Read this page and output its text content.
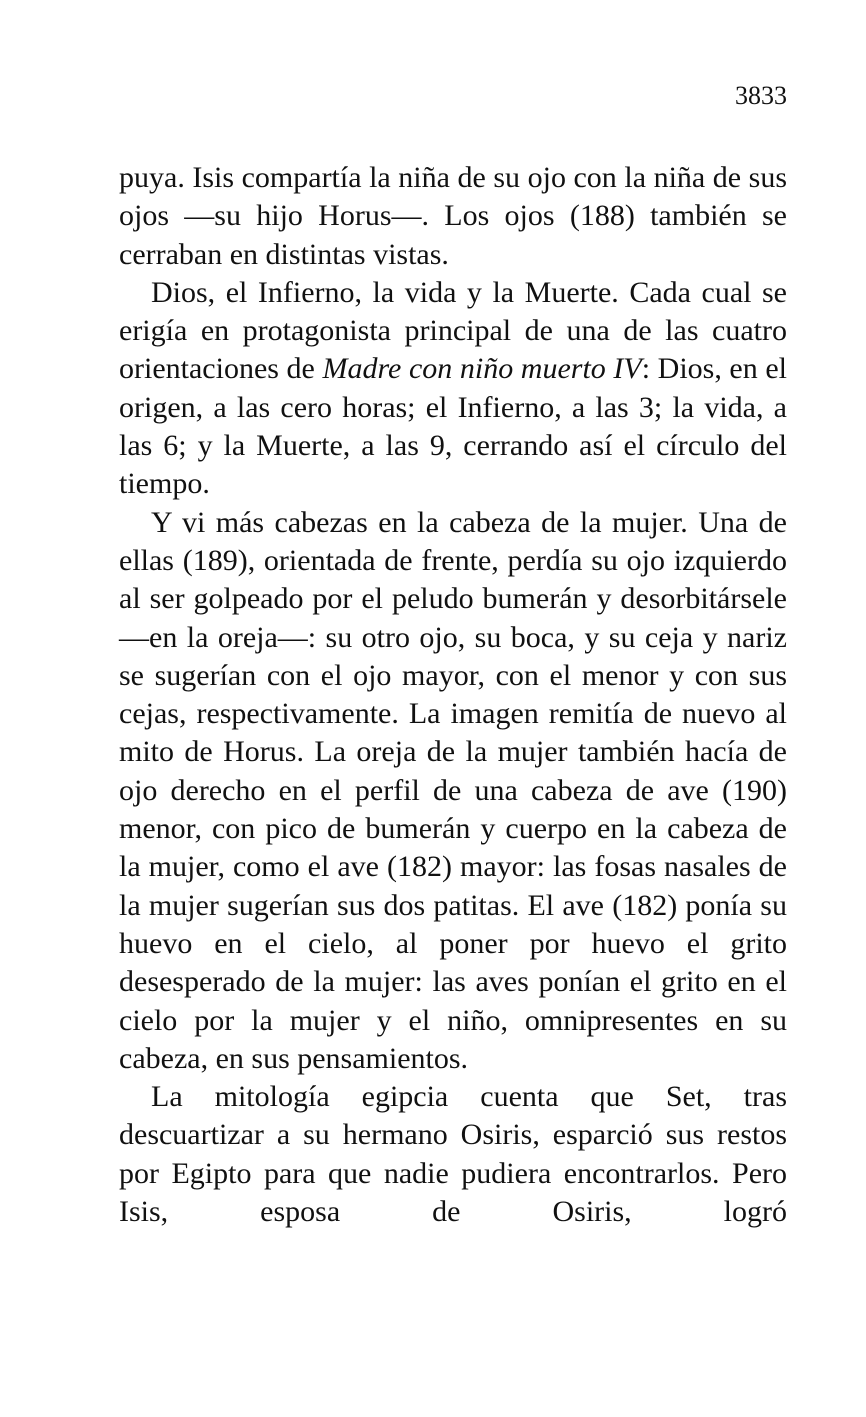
3833

puya. Isis compartía la niña de su ojo con la niña de sus ojos —su hijo Horus—. Los ojos (188) también se cerraban en distintas vistas.

Dios, el Infierno, la vida y la Muerte. Cada cual se erigía en protagonista principal de una de las cuatro orientaciones de Madre con niño muerto IV: Dios, en el origen, a las cero horas; el Infierno, a las 3; la vida, a las 6; y la Muerte, a las 9, cerrando así el círculo del tiempo.

Y vi más cabezas en la cabeza de la mujer. Una de ellas (189), orientada de frente, perdía su ojo izquierdo al ser golpeado por el peludo bumerán y desorbitársele —en la oreja—: su otro ojo, su boca, y su ceja y nariz se sugerían con el ojo mayor, con el menor y con sus cejas, respectivamente. La imagen remitía de nuevo al mito de Horus. La oreja de la mujer también hacía de ojo derecho en el perfil de una cabeza de ave (190) menor, con pico de bumerán y cuerpo en la cabeza de la mujer, como el ave (182) mayor: las fosas nasales de la mujer sugerían sus dos patitas. El ave (182) ponía su huevo en el cielo, al poner por huevo el grito desesperado de la mujer: las aves ponían el grito en el cielo por la mujer y el niño, omnipresentes en su cabeza, en sus pensamientos.

La mitología egipcia cuenta que Set, tras descuartizar a su hermano Osiris, esparció sus restos por Egipto para que nadie pudiera encontrarlos. Pero Isis, esposa de Osiris, logró
